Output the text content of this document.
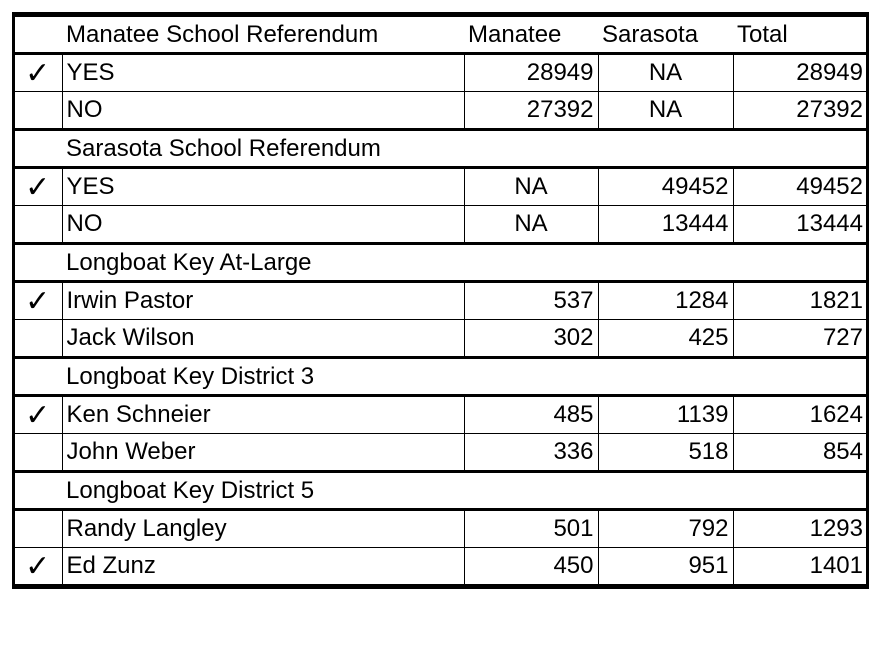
	Manatee School Referendum	Manatee	Sarasota	Total
✓	YES	28949	NA	28949
	NO	27392	NA	27392
	Sarasota School Referendum			
✓	YES	NA	49452	49452
	NO	NA	13444	13444
	Longboat Key At-Large			
✓	Irwin Pastor	537	1284	1821
	Jack Wilson	302	425	727
	Longboat Key District 3			
✓	Ken Schneier	485	1139	1624
	John Weber	336	518	854
	Longboat Key District 5			
	Randy Langley	501	792	1293
✓	Ed Zunz	450	951	1401
